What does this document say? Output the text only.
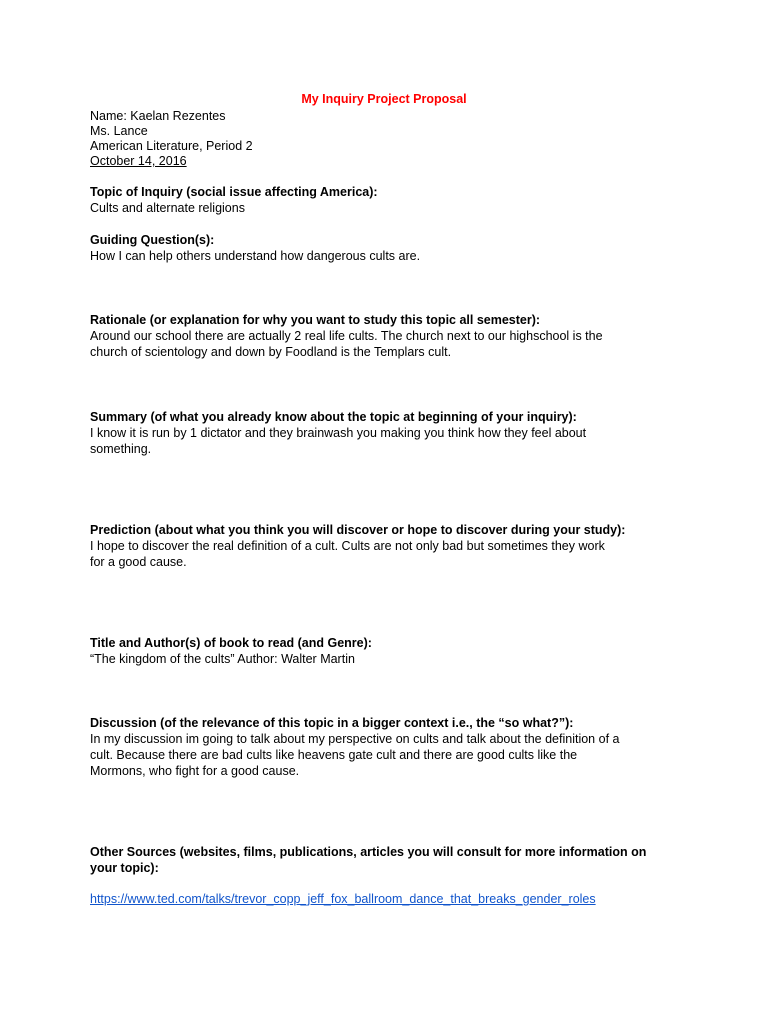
My Inquiry Project Proposal
Name: Kaelan Rezentes
Ms. Lance
American Literature, Period 2
October 14, 2016
Topic of Inquiry (social issue affecting America):
Cults and alternate religions
Guiding Question(s):
How I can help others understand how dangerous cults are.
Rationale (or explanation for why you want to study this topic all semester):
Around our school there are actually 2 real life cults. The church next to our highschool is the
church of scientology and down by Foodland is the Templars cult.
Summary (of what you already know about the topic at beginning of your inquiry):
I know it is run by 1 dictator and they brainwash you making you think how they feel about
something.
Prediction (about what you think you will discover or hope to discover during your study):
I hope to discover the real definition of a cult. Cults are not only bad but sometimes they work
for a good cause.
Title and Author(s) of book to read (and Genre):
“The kingdom of the cults” Author: Walter Martin
Discussion (of the relevance of this topic in a bigger context i.e., the “so what?”):
In my discussion im going to talk about my perspective on cults and talk about the definition of a
cult. Because there are bad cults like heavens gate cult and there are good cults like the
Mormons, who fight for a good cause.
Other Sources (websites, films, publications, articles you will consult for more information on
your topic):
https://www.ted.com/talks/trevor_copp_jeff_fox_ballroom_dance_that_breaks_gender_roles
